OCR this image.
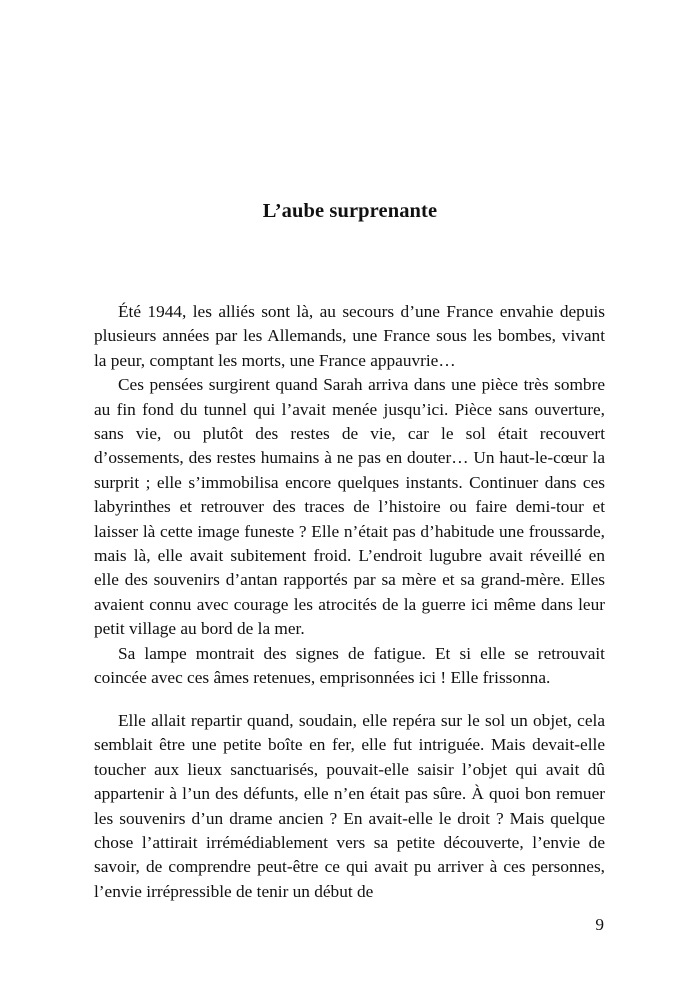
L’aube surprenante

Été 1944, les alliés sont là, au secours d’une France envahie depuis plusieurs années par les Allemands, une France sous les bombes, vivant la peur, comptant les morts, une France appauvrie…

Ces pensées surgirent quand Sarah arriva dans une pièce très sombre au fin fond du tunnel qui l’avait menée jusqu’ici. Pièce sans ouverture, sans vie, ou plutôt des restes de vie, car le sol était recouvert d’ossements, des restes humains à ne pas en douter… Un haut-le-cœur la surprit ; elle s’immobilisa encore quelques instants. Continuer dans ces labyrinthes et retrouver des traces de l’histoire ou faire demi-tour et laisser là cette image funeste ? Elle n’était pas d’habitude une froussarde, mais là, elle avait subitement froid. L’endroit lugubre avait réveillé en elle des souvenirs d’antan rapportés par sa mère et sa grand-mère. Elles avaient connu avec courage les atrocités de la guerre ici même dans leur petit village au bord de la mer.

Sa lampe montrait des signes de fatigue. Et si elle se retrouvait coincée avec ces âmes retenues, emprisonnées ici ! Elle frissonna.

Elle allait repartir quand, soudain, elle repéra sur le sol un objet, cela semblait être une petite boîte en fer, elle fut intriguée. Mais devait-elle toucher aux lieux sanctuarisés, pouvait-elle saisir l’objet qui avait dû appartenir à l’un des défunts, elle n’en était pas sûre. À quoi bon remuer les souvenirs d’un drame ancien ? En avait-elle le droit ? Mais quelque chose l’attirait irrémédiablement vers sa petite découverte, l’envie de savoir, de comprendre peut-être ce qui avait pu arriver à ces personnes, l’envie irrépressible de tenir un début de

9
